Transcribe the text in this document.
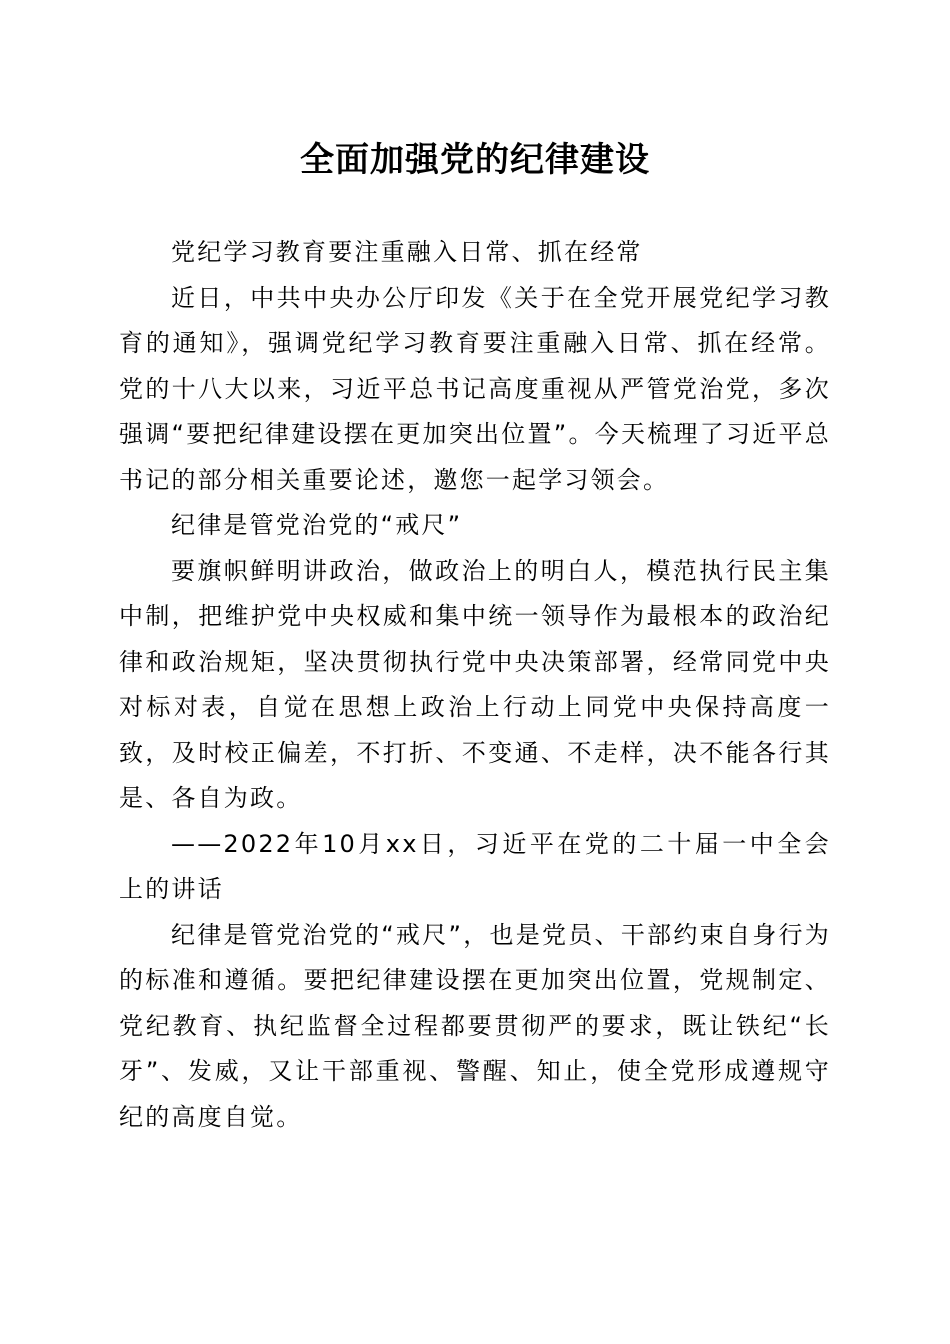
全面加强党的纪律建设

党纪学习教育要注重融入日常、抓在经常

近日，中共中央办公厅印发《关于在全党开展党纪学习教育的通知》，强调党纪学习教育要注重融入日常、抓在经常。党的十八大以来，习近平总书记高度重视从严管党治党，多次强调“要把纪律建设摆在更加突出位置”。今天梳理了习近平总书记的部分相关重要论述，邀您一起学习领会。

纪律是管党治党的“戒尺”

要旗帜鲜明讲政治，做政治上的明白人，模范执行民主集中制，把维护党中央权威和集中统一领导作为最根本的政治纪律和政治规矩，坚决贯彻执行党中央决策部署，经常同党中央对标对表，自觉在思想上政治上行动上同党中央保持高度一致，及时校正偏差，不打折、不变通、不走样，决不能各行其是、各自为政。

——2022年10月xx日，习近平在党的二十届一中全会上的讲话

纪律是管党治党的“戒尺”，也是党员、干部约束自身行为的标准和遵循。要把纪律建设摆在更加突出位置，党规制定、党纪教育、执纪监督全过程都要贯彻严的要求，既让铁纪“长牙”、发威，又让干部重视、警醒、知止，使全党形成遵规守纪的高度自觉。
